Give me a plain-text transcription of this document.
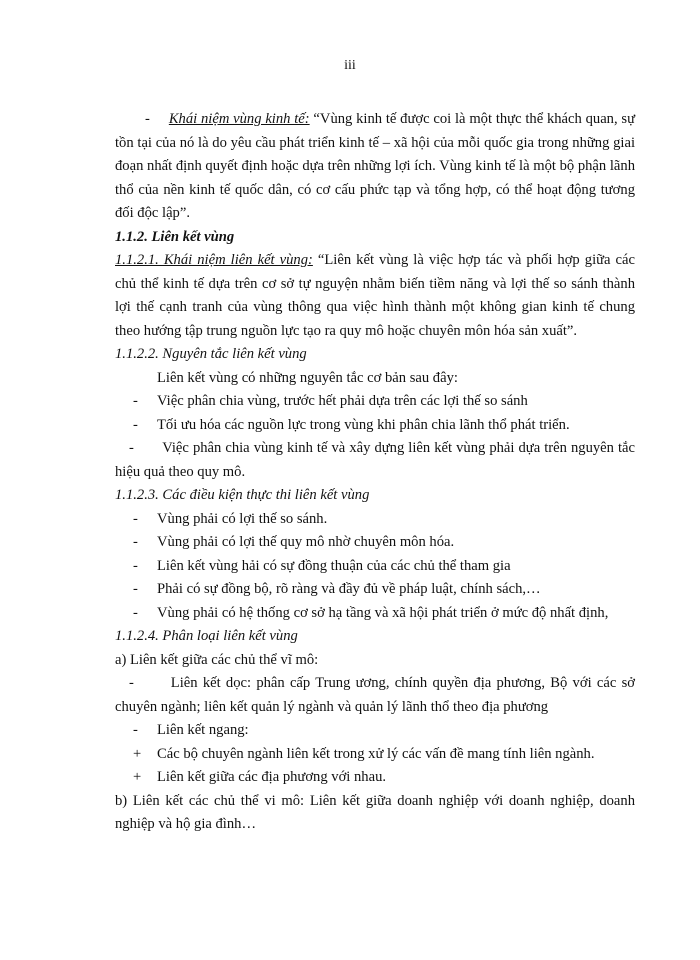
iii

- Khái niệm vùng kinh tế: “Vùng kinh tế được coi là một thực thể khách quan, sự tồn tại của nó là do yêu cầu phát triển kinh tế – xã hội của mỗi quốc gia trong những giai đoạn nhất định quyết định hoặc dựa trên những lợi ích. Vùng kinh tế là một bộ phận lãnh thổ của nền kinh tế quốc dân, có cơ cấu phức tạp và tổng hợp, có thể hoạt động tương đối độc lập”.

1.1.2. Liên kết vùng

1.1.2.1. Khái niệm liên kết vùng: “Liên kết vùng là việc hợp tác và phối hợp giữa các chủ thể kinh tế dựa trên cơ sở tự nguyện nhằm biến tiềm năng và lợi thế so sánh thành lợi thế cạnh tranh của vùng thông qua việc hình thành một không gian kinh tế chung theo hướng tập trung nguồn lực tạo ra quy mô hoặc chuyên môn hóa sản xuất”.

1.1.2.2. Nguyên tắc liên kết vùng

Liên kết vùng có những nguyên tắc cơ bản sau đây:

-	Việc phân chia vùng, trước hết phải dựa trên các lợi thế so sánh
-	Tối ưu hóa các nguồn lực trong vùng khi phân chia lãnh thổ phát triển.

- Việc phân chia vùng kinh tế và xây dựng liên kết vùng phải dựa trên nguyên tắc hiệu quả theo quy mô.

1.1.2.3. Các điều kiện thực thi liên kết vùng

-	Vùng phải có lợi thế so sánh.
-	Vùng phải có lợi thế quy mô nhờ chuyên môn hóa.
-	Liên kết vùng hải có sự đồng thuận của các chủ thể tham gia
-	Phải có sự đồng bộ, rõ ràng và đầy đủ về pháp luật, chính sách,…
-	Vùng phải có hệ thống cơ sở hạ tầng và xã hội phát triển ở mức độ nhất định,

1.1.2.4. Phân loại liên kết vùng

a) Liên kết giữa các chủ thể vĩ mô:

-	Liên kết dọc: phân cấp Trung ương, chính quyền địa phương, Bộ với các sở chuyên ngành; liên kết quản lý ngành và quản lý lãnh thổ theo địa phương

-	Liên kết ngang:
+	Các bộ chuyên ngành liên kết trong xử lý các vấn đề mang tính liên ngành.
+	Liên kết giữa các địa phương với nhau.

b) Liên kết các chủ thể vi mô: Liên kết giữa doanh nghiệp với doanh nghiệp, doanh nghiệp và hộ gia đình…
